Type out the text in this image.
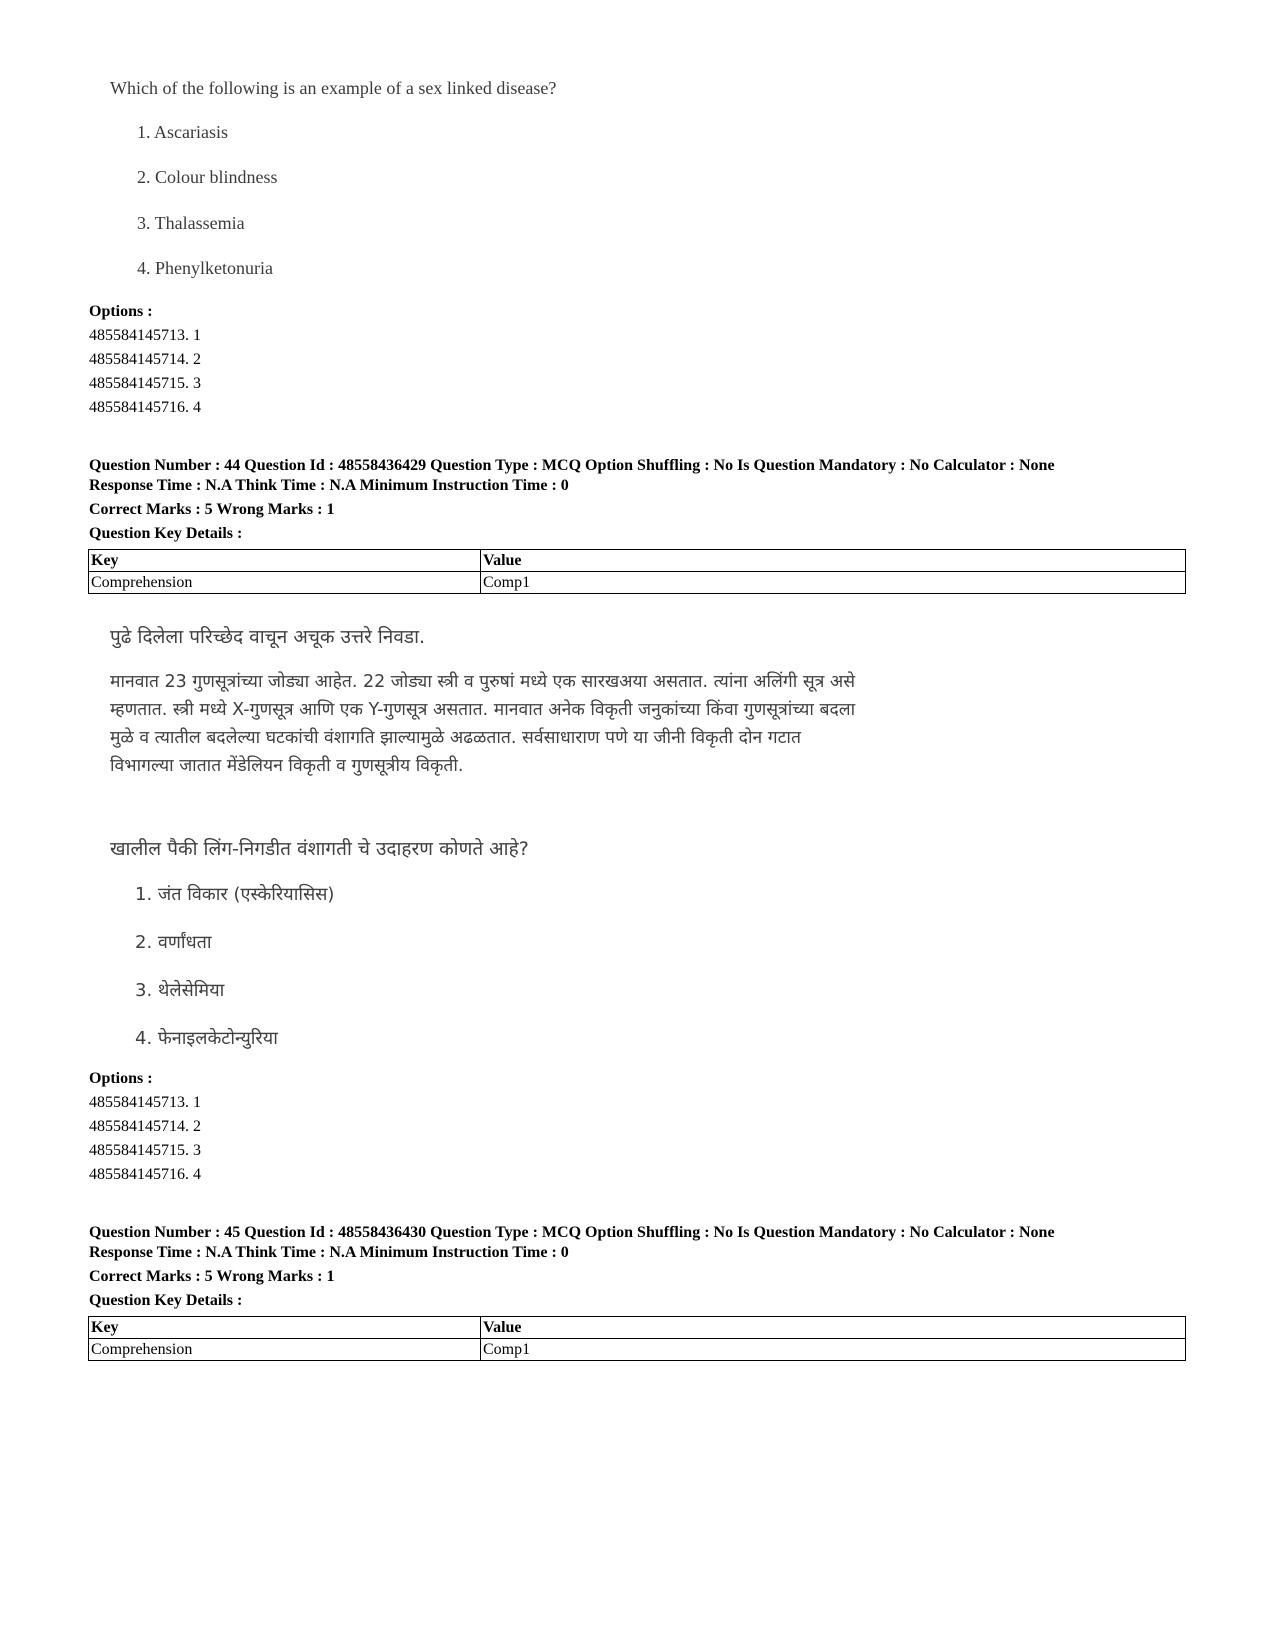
Which of the following is an example of a sex linked disease?
1. Ascariasis
2. Colour blindness
3. Thalassemia
4. Phenylketonuria
Options :
485584145713. 1
485584145714. 2
485584145715. 3
485584145716. 4
Question Number : 44 Question Id : 48558436429 Question Type : MCQ Option Shuffling : No Is Question Mandatory : No Calculator : None
Response Time : N.A Think Time : N.A Minimum Instruction Time : 0
Correct Marks : 5 Wrong Marks : 1
Question Key Details :
Key	Value
Comprehension	Comp1
पुढे दिलेला परिच्छेद वाचून अचूक उत्तरे निवडा.
मानवात 23 गुणसूत्रांच्या जोड्या आहेत. 22 जोड्या स्त्री व पुरुषां मध्ये एक सारखअया असतात. त्यांना अलिंगी सूत्र असे
म्हणतात. स्त्री मध्ये X-गुणसूत्र आणि एक Y-गुणसूत्र असतात. मानवात अनेक विकृती जनुकांच्या किंवा गुणसूत्रांच्या बदला
मुळे व त्यातील बदलेल्या घटकांची वंशागति झाल्यामुळे अढळतात. सर्वसाधाराण पणे या जीनी विकृती दोन गटात
विभागल्या जातात मेंडेलियन विकृती व गुणसूत्रीय विकृती.
खालील पैकी लिंग-निगडीत वंशागती चे उदाहरण कोणते आहे?
1. जंत विकार (एस्केरियासिस)
2. वर्णांधता
3. थेलेसेमिया
4. फेनाइलकेटोन्युरिया
Options :
485584145713. 1
485584145714. 2
485584145715. 3
485584145716. 4
Question Number : 45 Question Id : 48558436430 Question Type : MCQ Option Shuffling : No Is Question Mandatory : No Calculator : None
Response Time : N.A Think Time : N.A Minimum Instruction Time : 0
Correct Marks : 5 Wrong Marks : 1
Question Key Details :
Key	Value
Comprehension	Comp1
